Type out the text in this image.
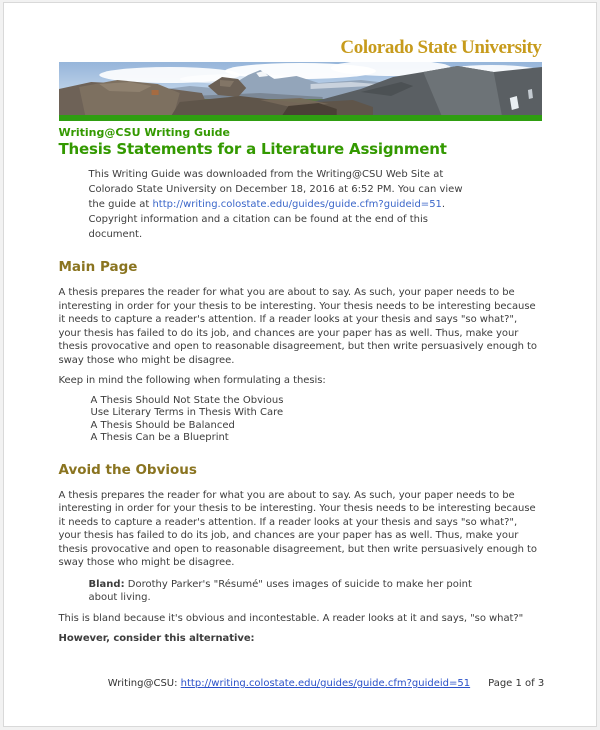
Colorado State University
Writing@CSU Writing Guide
Thesis Statements for a Literature Assignment

This Writing Guide was downloaded from the Writing@CSU Web Site at Colorado State University on December 18, 2016 at 6:52 PM. You can view the guide at http://writing.colostate.edu/guides/guide.cfm?guideid=51. Copyright information and a citation can be found at the end of this document.

Main Page

A thesis prepares the reader for what you are about to say. As such, your paper needs to be interesting in order for your thesis to be interesting. Your thesis needs to be interesting because it needs to capture a reader's attention. If a reader looks at your thesis and says "so what?", your thesis has failed to do its job, and chances are your paper has as well. Thus, make your thesis provocative and open to reasonable disagreement, but then write persuasively enough to sway those who might be disagree.

Keep in mind the following when formulating a thesis:

A Thesis Should Not State the Obvious
Use Literary Terms in Thesis With Care
A Thesis Should be Balanced
A Thesis Can be a Blueprint
Avoid the Obvious

A thesis prepares the reader for what you are about to say. As such, your paper needs to be interesting in order for your thesis to be interesting. Your thesis needs to be interesting because it needs to capture a reader's attention. If a reader looks at your thesis and says "so what?", your thesis has failed to do its job, and chances are your paper has as well. Thus, make your thesis provocative and open to reasonable disagreement, but then write persuasively enough to sway those who might be disagree.

Bland: Dorothy Parker's "Résumé" uses images of suicide to make her point about living.

This is bland because it's obvious and incontestable. A reader looks at it and says, "so what?"

However, consider this alternative:

Writing@CSU: http://writing.colostate.edu/guides/guide.cfm?guideid=51 Page 1 of 3
